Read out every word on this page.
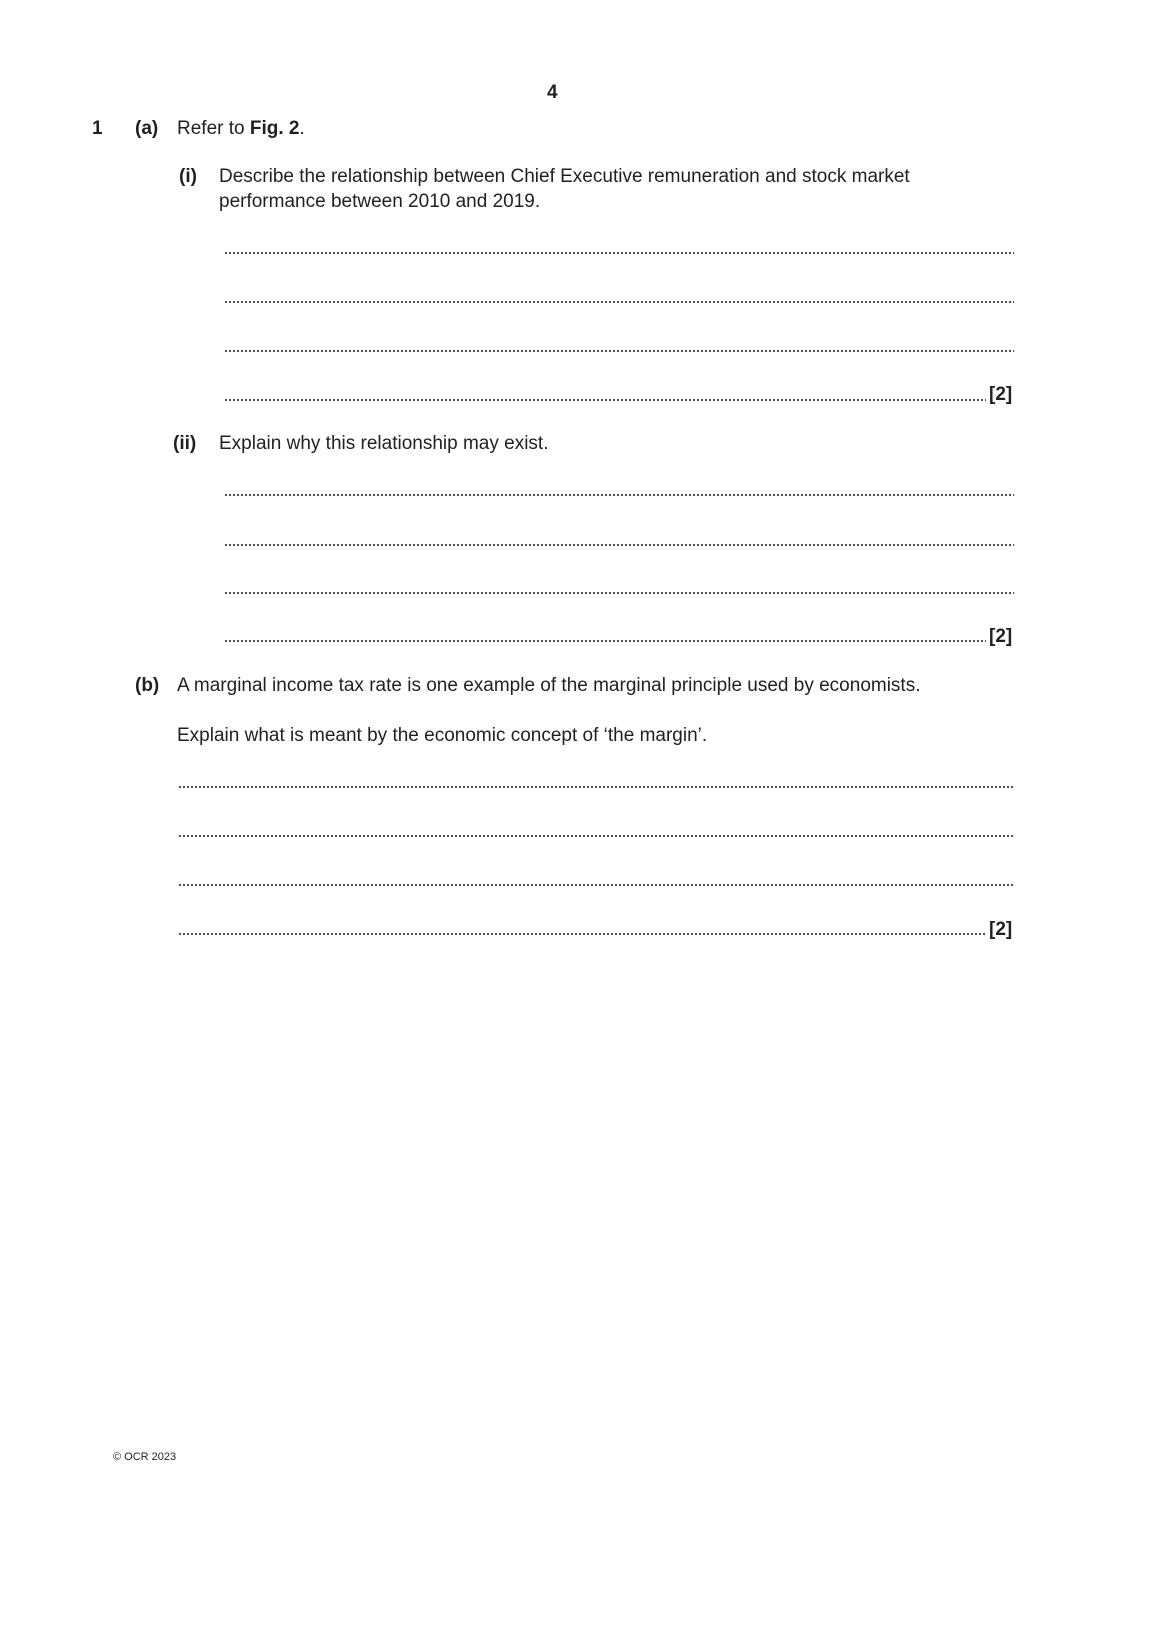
4
1 (a) Refer to Fig. 2.
(i) Describe the relationship between Chief Executive remuneration and stock market
performance between 2010 and 2019.
[2]
(ii) Explain why this relationship may exist.
[2]
(b) A marginal income tax rate is one example of the marginal principle used by economists.
Explain what is meant by the economic concept of ‘the margin’.
[2]
© OCR 2023
